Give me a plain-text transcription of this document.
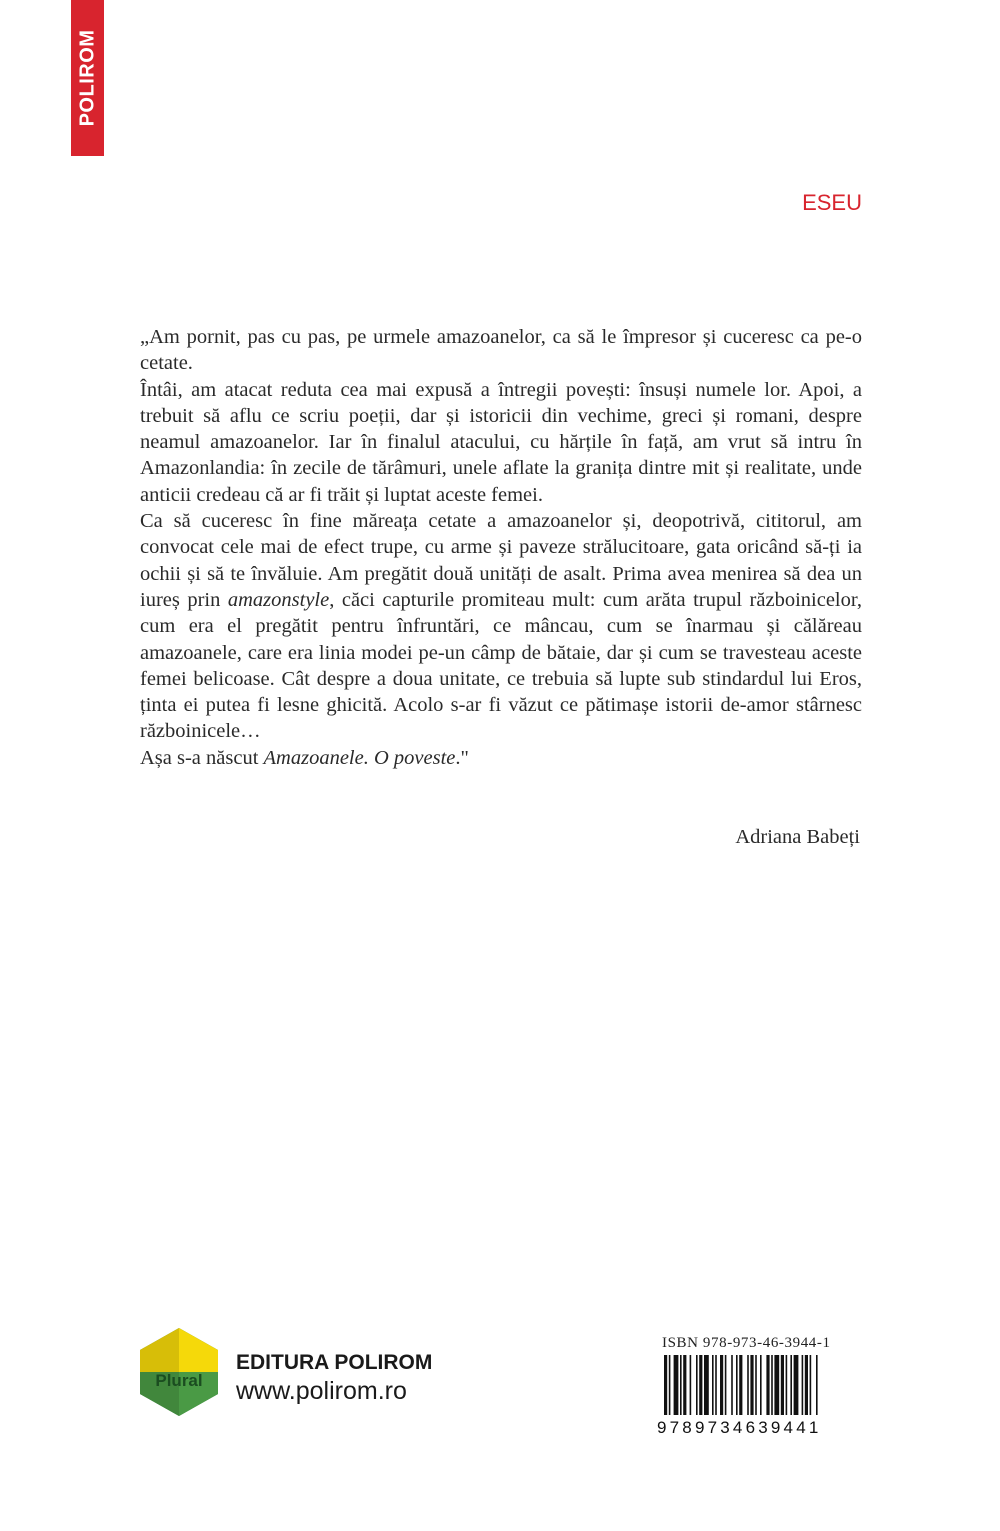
POLIROM
ESEU

„Am pornit, pas cu pas, pe urmele amazoanelor, ca să le împresor și cuceresc ca pe-o cetate.

Întâi, am atacat reduta cea mai expusă a întregii povești: însuși numele lor. Apoi, a trebuit să aflu ce scriu poeții, dar și istoricii din vechime, greci și romani, despre neamul amazoanelor. Iar în finalul atacului, cu hărțile în față, am vrut să intru în Amazonlandia: în zecile de tărâmuri, unele aflate la granița dintre mit și realitate, unde anticii credeau că ar fi trăit și luptat aceste femei.

Ca să cuceresc în fine măreața cetate a amazoanelor și, deopotrivă, cititorul, am convocat cele mai de efect trupe, cu arme și paveze strălucitoare, gata oricând să-ți ia ochii și să te învăluie. Am pregătit două unități de asalt. Prima avea menirea să dea un iureș prin amazonstyle, căci capturile promiteau mult: cum arăta trupul războinicelor, cum era el pregătit pentru înfruntări, ce mâncau, cum se înarmau și călăreau amazoanele, care era linia modei pe-un câmp de bătaie, dar și cum se travesteau aceste femei belicoase. Cât despre a doua unitate, ce trebuia să lupte sub stindardul lui Eros, ținta ei putea fi lesne ghicită. Acolo s-ar fi văzut ce pătimașe istorii de-amor stârnesc războinicele…

Așa s-a născut Amazoanele. O poveste."

Adriana Babeți
Plural
EDITURA POLIROM
www.polirom.ro
ISBN 978-973-46-3944-1
9789734639441
